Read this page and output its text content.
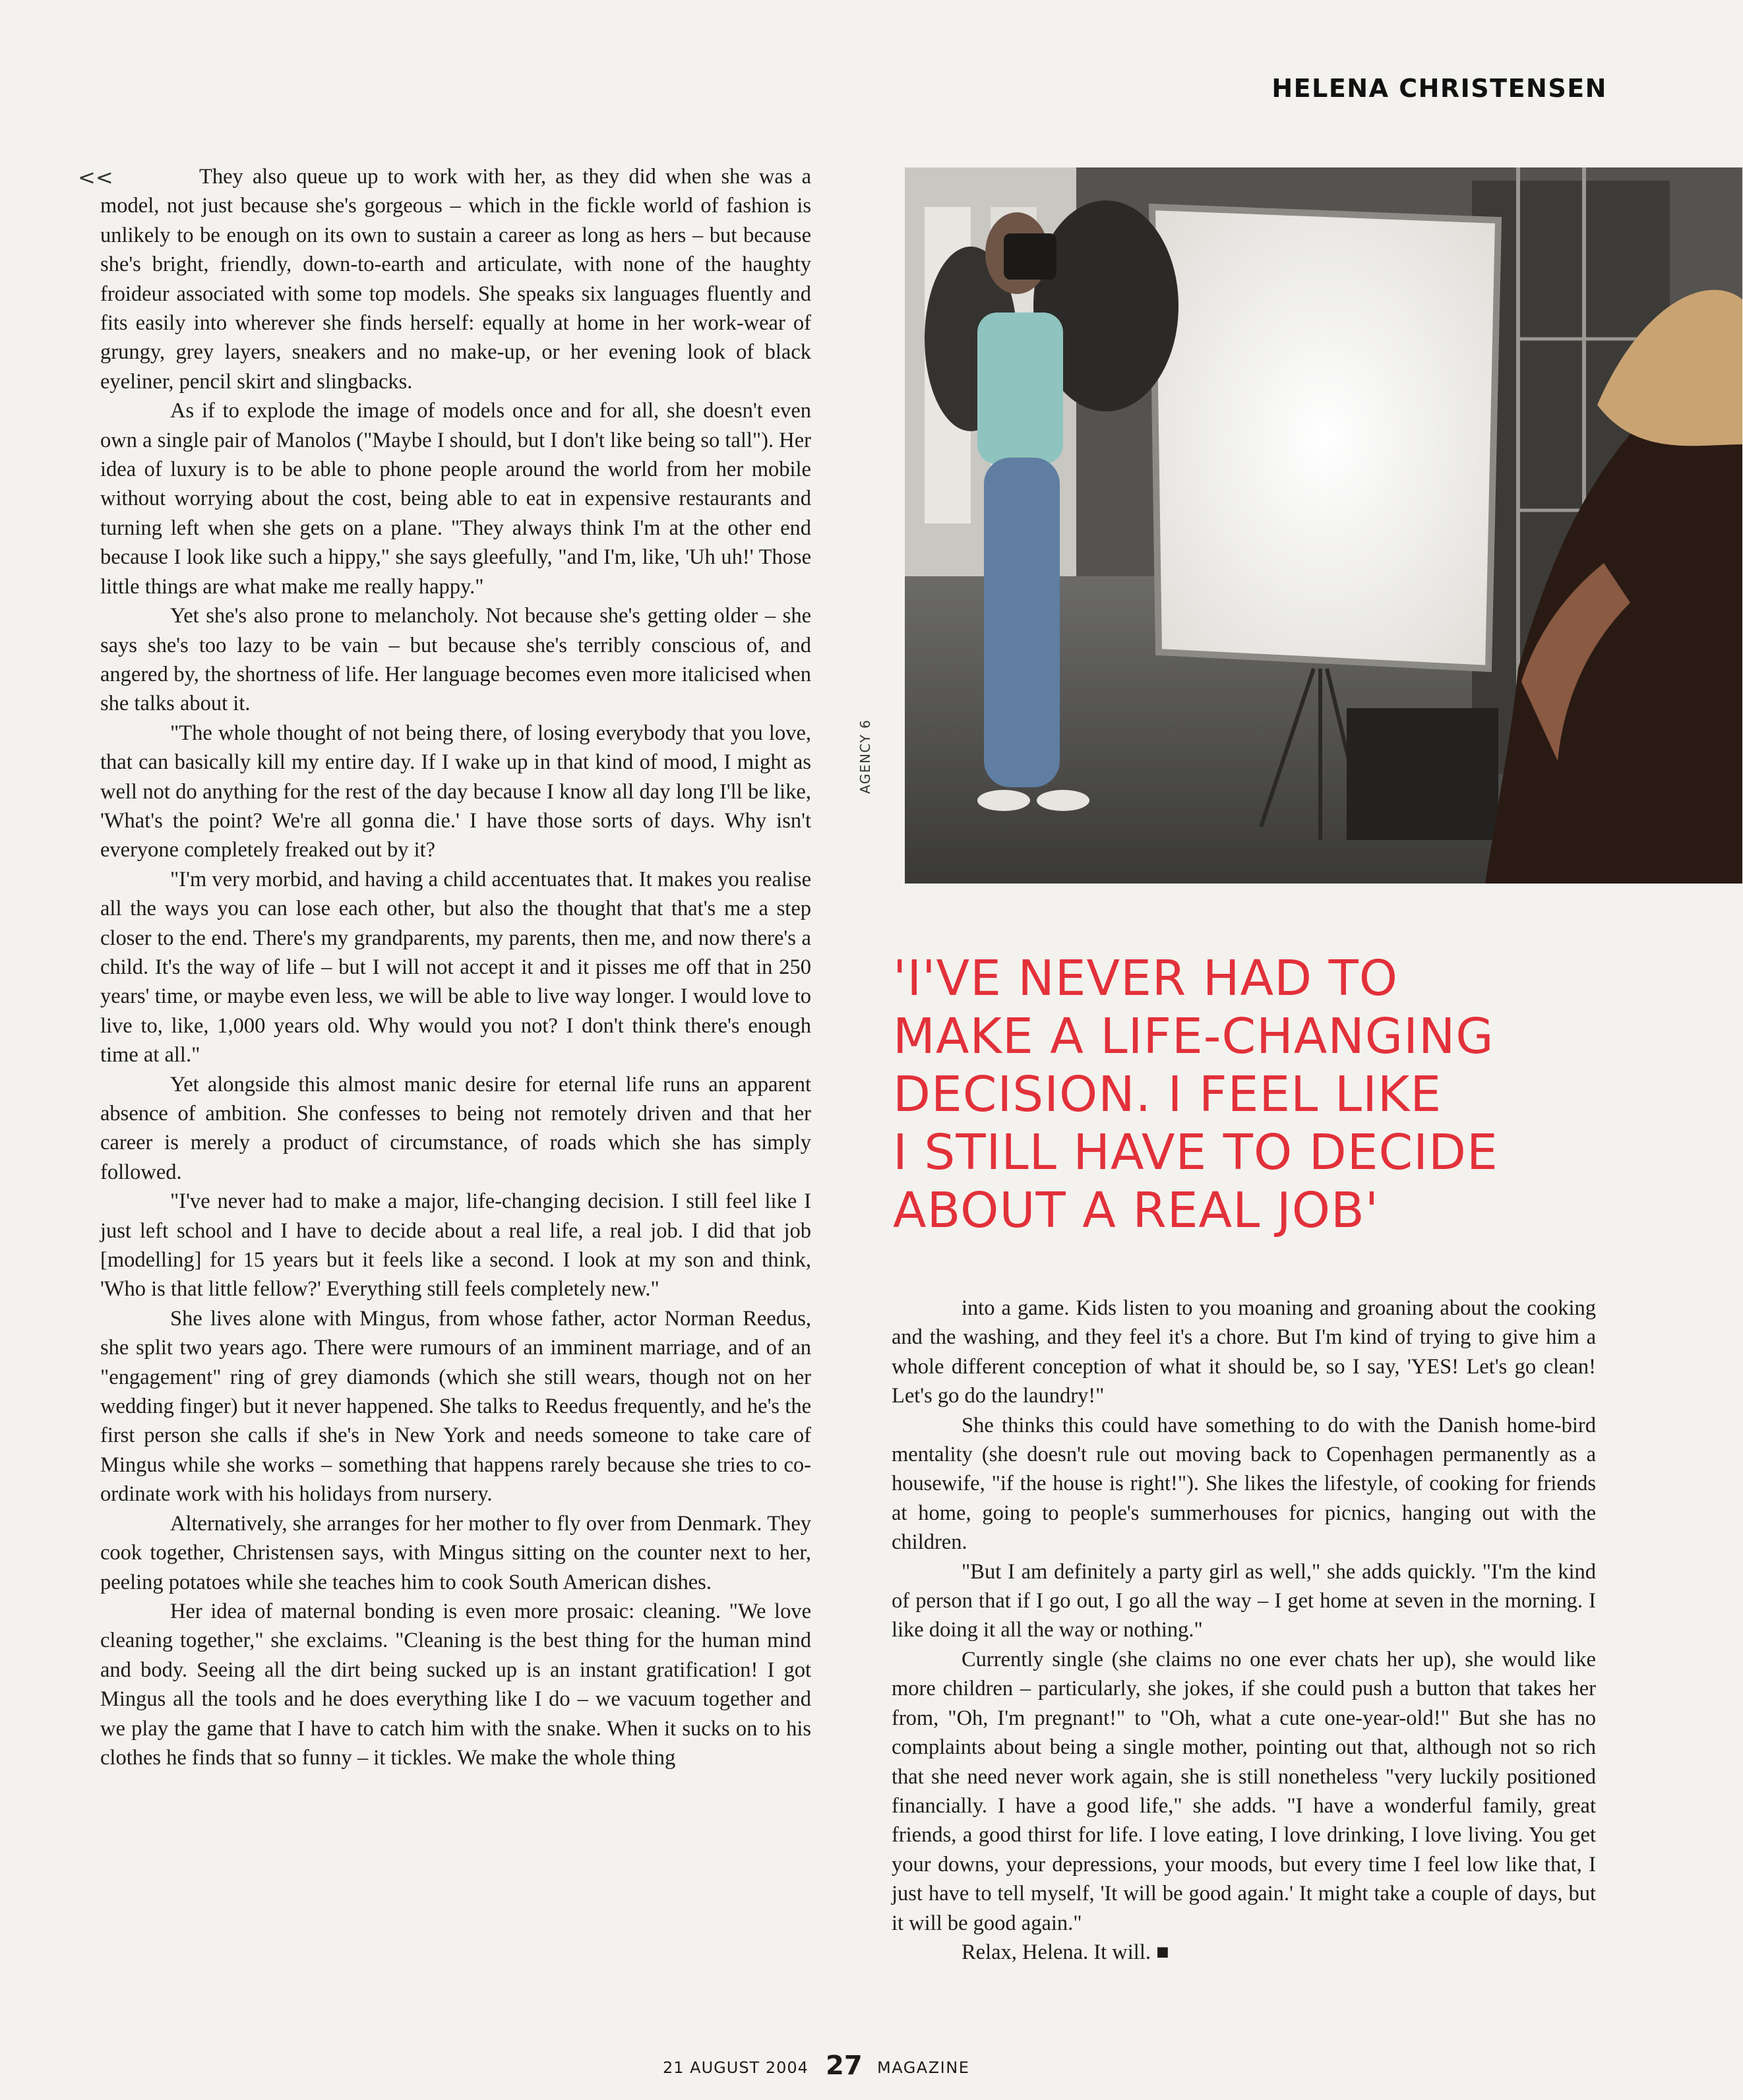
HELENA CHRISTENSEN
<<	They also queue up to work with her, as they did when she was a model, not just because she's gorgeous – which in the fickle world of fashion is unlikely to be enough on its own to sustain a career as long as hers – but because she's bright, friendly, down-to-earth and articulate, with none of the haughty froideur associated with some top models. She speaks six languages fluently and fits easily into wherever she finds herself: equally at home in her work-wear of grungy, grey layers, sneakers and no make-up, or her evening look of black eyeliner, pencil skirt and slingbacks.

As if to explode the image of models once and for all, she doesn't even own a single pair of Manolos ("Maybe I should, but I don't like being so tall"). Her idea of luxury is to be able to phone people around the world from her mobile without worrying about the cost, being able to eat in expensive restaurants and turning left when she gets on a plane. "They always think I'm at the other end because I look like such a hippy," she says gleefully, "and I'm, like, 'Uh uh!' Those little things are what make me really happy."

Yet she's also prone to melancholy. Not because she's getting older – she says she's too lazy to be vain – but because she's terribly conscious of, and angered by, the shortness of life. Her language becomes even more italicised when she talks about it.

"The whole thought of not being there, of losing everybody that you love, that can basically kill my entire day. If I wake up in that kind of mood, I might as well not do anything for the rest of the day because I know all day long I'll be like, 'What's the point? We're all gonna die.' I have those sorts of days. Why isn't everyone completely freaked out by it?

"I'm very morbid, and having a child accentuates that. It makes you realise all the ways you can lose each other, but also the thought that that's me a step closer to the end. There's my grandparents, my parents, then me, and now there's a child. It's the way of life – but I will not accept it and it pisses me off that in 250 years' time, or maybe even less, we will be able to live way longer. I would love to live to, like, 1,000 years old. Why would you not? I don't think there's enough time at all."

Yet alongside this almost manic desire for eternal life runs an apparent absence of ambition. She confesses to being not remotely driven and that her career is merely a product of circumstance, of roads which she has simply followed.

"I've never had to make a major, life-changing decision. I still feel like I just left school and I have to decide about a real life, a real job. I did that job [modelling] for 15 years but it feels like a second. I look at my son and think, 'Who is that little fellow?' Everything still feels completely new."

She lives alone with Mingus, from whose father, actor Norman Reedus, she split two years ago. There were rumours of an imminent marriage, and of an "engagement" ring of grey diamonds (which she still wears, though not on her wedding finger) but it never happened. She talks to Reedus frequently, and he's the first person she calls if she's in New York and needs someone to take care of Mingus while she works – something that happens rarely because she tries to co-ordinate work with his holidays from nursery.

Alternatively, she arranges for her mother to fly over from Denmark. They cook together, Christensen says, with Mingus sitting on the counter next to her, peeling potatoes while she teaches him to cook South American dishes.

Her idea of maternal bonding is even more prosaic: cleaning. "We love cleaning together," she exclaims. "Cleaning is the best thing for the human mind and body. Seeing all the dirt being sucked up is an instant gratification! I got Mingus all the tools and he does everything like I do – we vacuum together and we play the game that I have to catch him with the snake. When it sucks on to his clothes he finds that so funny – it tickles. We make the whole thing

AGENCY 6
'I'VE NEVER HAD TO
MAKE A LIFE-CHANGING
DECISION. I FEEL LIKE
I STILL HAVE TO DECIDE
ABOUT A REAL JOB'

into a game. Kids listen to you moaning and groaning about the cooking and the washing, and they feel it's a chore. But I'm kind of trying to give him a whole different conception of what it should be, so I say, 'YES! Let's go clean! Let's go do the laundry!"

She thinks this could have something to do with the Danish home-bird mentality (she doesn't rule out moving back to Copenhagen permanently as a housewife, "if the house is right!"). She likes the lifestyle, of cooking for friends at home, going to people's summerhouses for picnics, hanging out with the children.

"But I am definitely a party girl as well," she adds quickly. "I'm the kind of person that if I go out, I go all the way – I get home at seven in the morning. I like doing it all the way or nothing."

Currently single (she claims no one ever chats her up), she would like more children – particularly, she jokes, if she could push a button that takes her from, "Oh, I'm pregnant!" to "Oh, what a cute one-year-old!" But she has no complaints about being a single mother, pointing out that, although not so rich that she need never work again, she is still nonetheless "very luckily positioned financially. I have a good life," she adds. "I have a wonderful family, great friends, a good thirst for life. I love eating, I love drinking, I love living. You get your downs, your depressions, your moods, but every time I feel low like that, I just have to tell myself, 'It will be good again.' It might take a couple of days, but it will be good again."

Relax, Helena. It will. ■

21 AUGUST 2004 27 MAGAZINE
